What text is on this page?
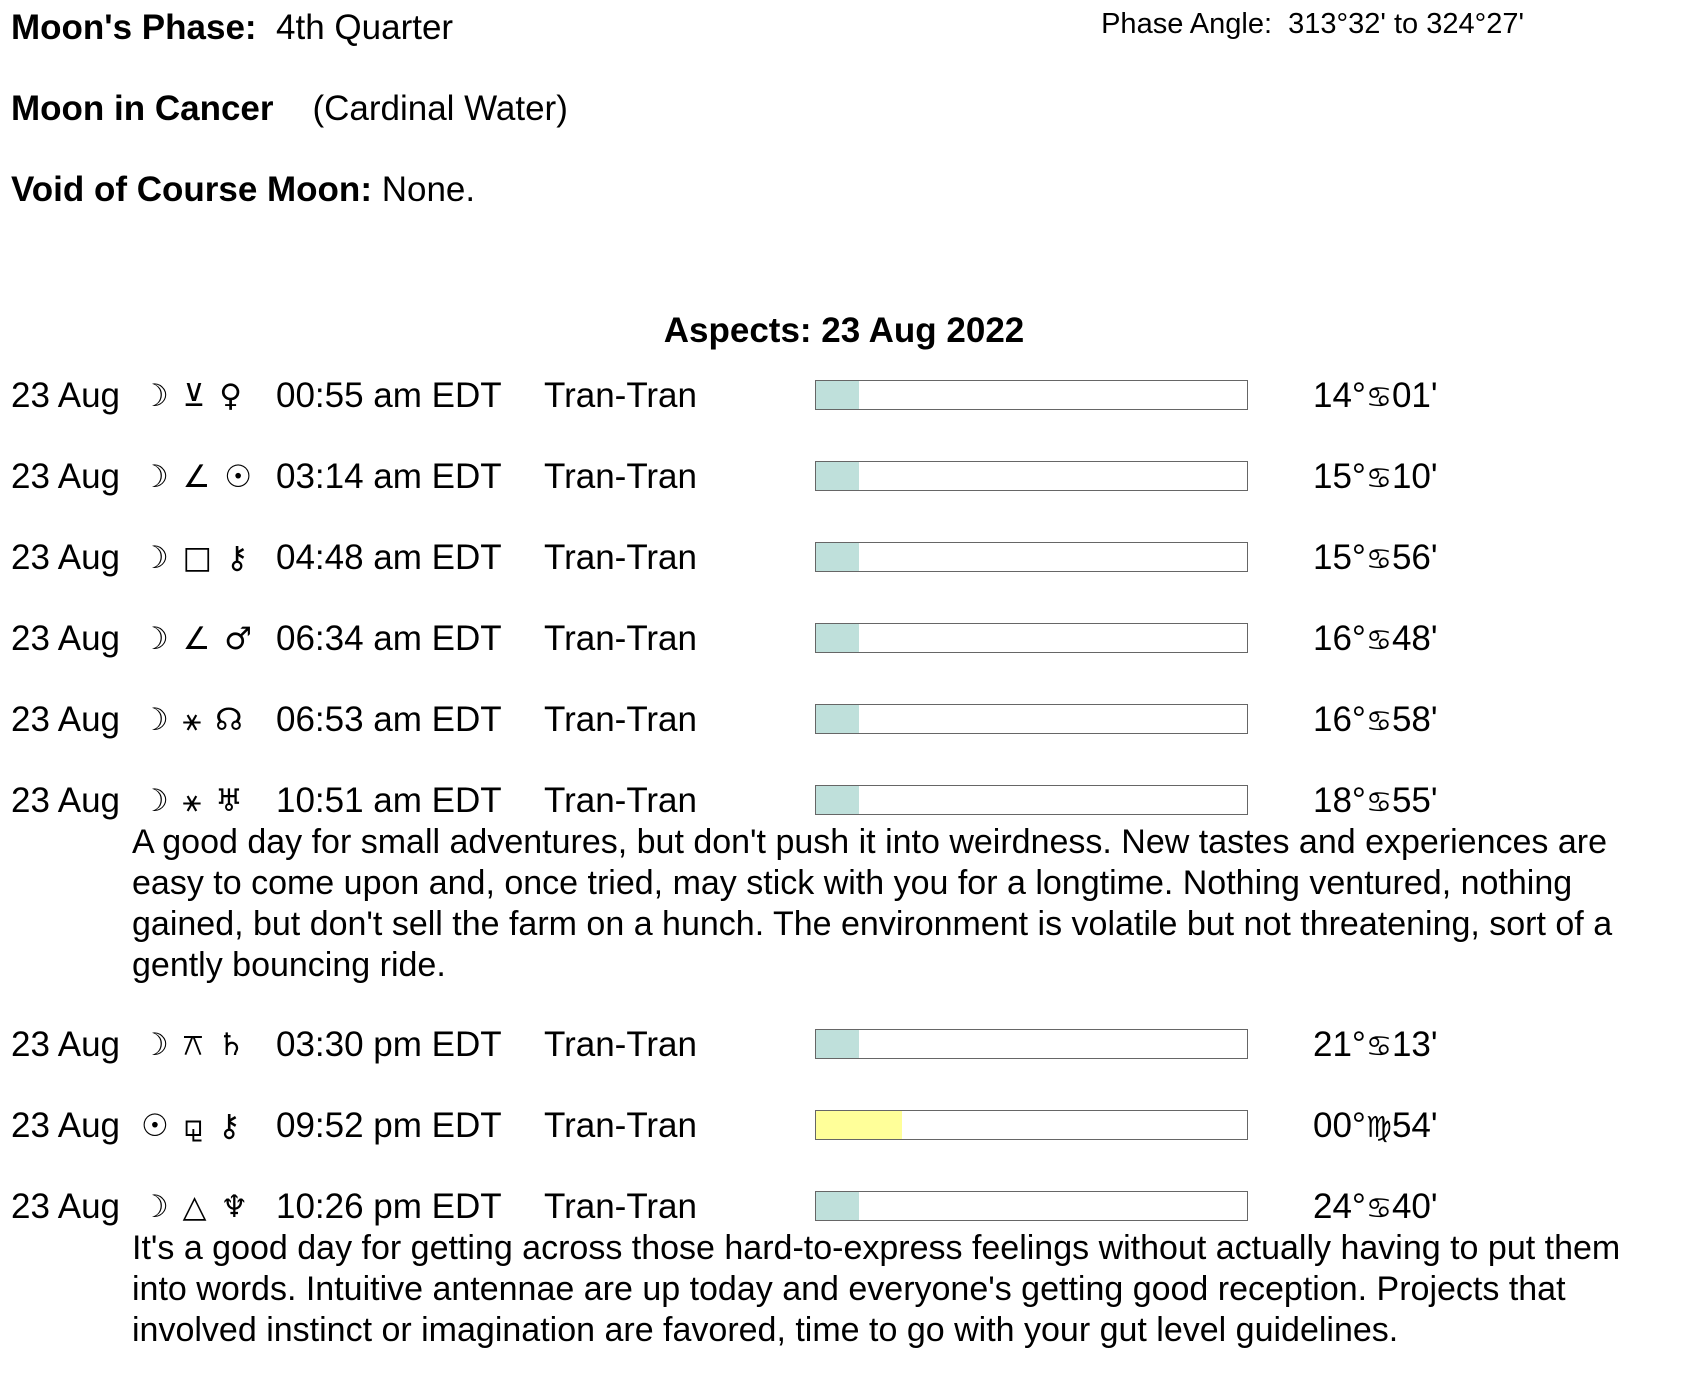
Moon's Phase: 4th Quarter	Phase Angle: 313°32' to 324°27'
Moon in Cancer (Cardinal Water)
Void of Course Moon: None.
Aspects: 23 Aug 2022
23 Aug ☽ ⊻ ♀ 00:55 am EDT Tran-Tran	14°♋01'
23 Aug ☽ ∠ ☉ 03:14 am EDT Tran-Tran	15°♋10'
23 Aug ☽ □ ⚷ 04:48 am EDT Tran-Tran	15°♋56'
23 Aug ☽ ∠ ♂ 06:34 am EDT Tran-Tran	16°♋48'
23 Aug ☽ ⚹ ☊ 06:53 am EDT Tran-Tran	16°♋58'
23 Aug ☽ ⚹ ♅ 10:51 am EDT Tran-Tran	18°♋55'
A good day for small adventures, but don't push it into weirdness. New tastes and experiences are easy to come upon and, once tried, may stick with you for a longtime. Nothing ventured, nothing gained, but don't sell the farm on a hunch. The environment is volatile but not threatening, sort of a gently bouncing ride.
23 Aug ☽ ⚻ ♄ 03:30 pm EDT Tran-Tran	21°♋13'
23 Aug ☉ ⚼ ⚷ 09:52 pm EDT Tran-Tran	00°♍54'
23 Aug ☽ △ ♆ 10:26 pm EDT Tran-Tran	24°♋40'
It's a good day for getting across those hard-to-express feelings without actually having to put them into words. Intuitive antennae are up today and everyone's getting good reception. Projects that involved instinct or imagination are favored, time to go with your gut level guidelines.
